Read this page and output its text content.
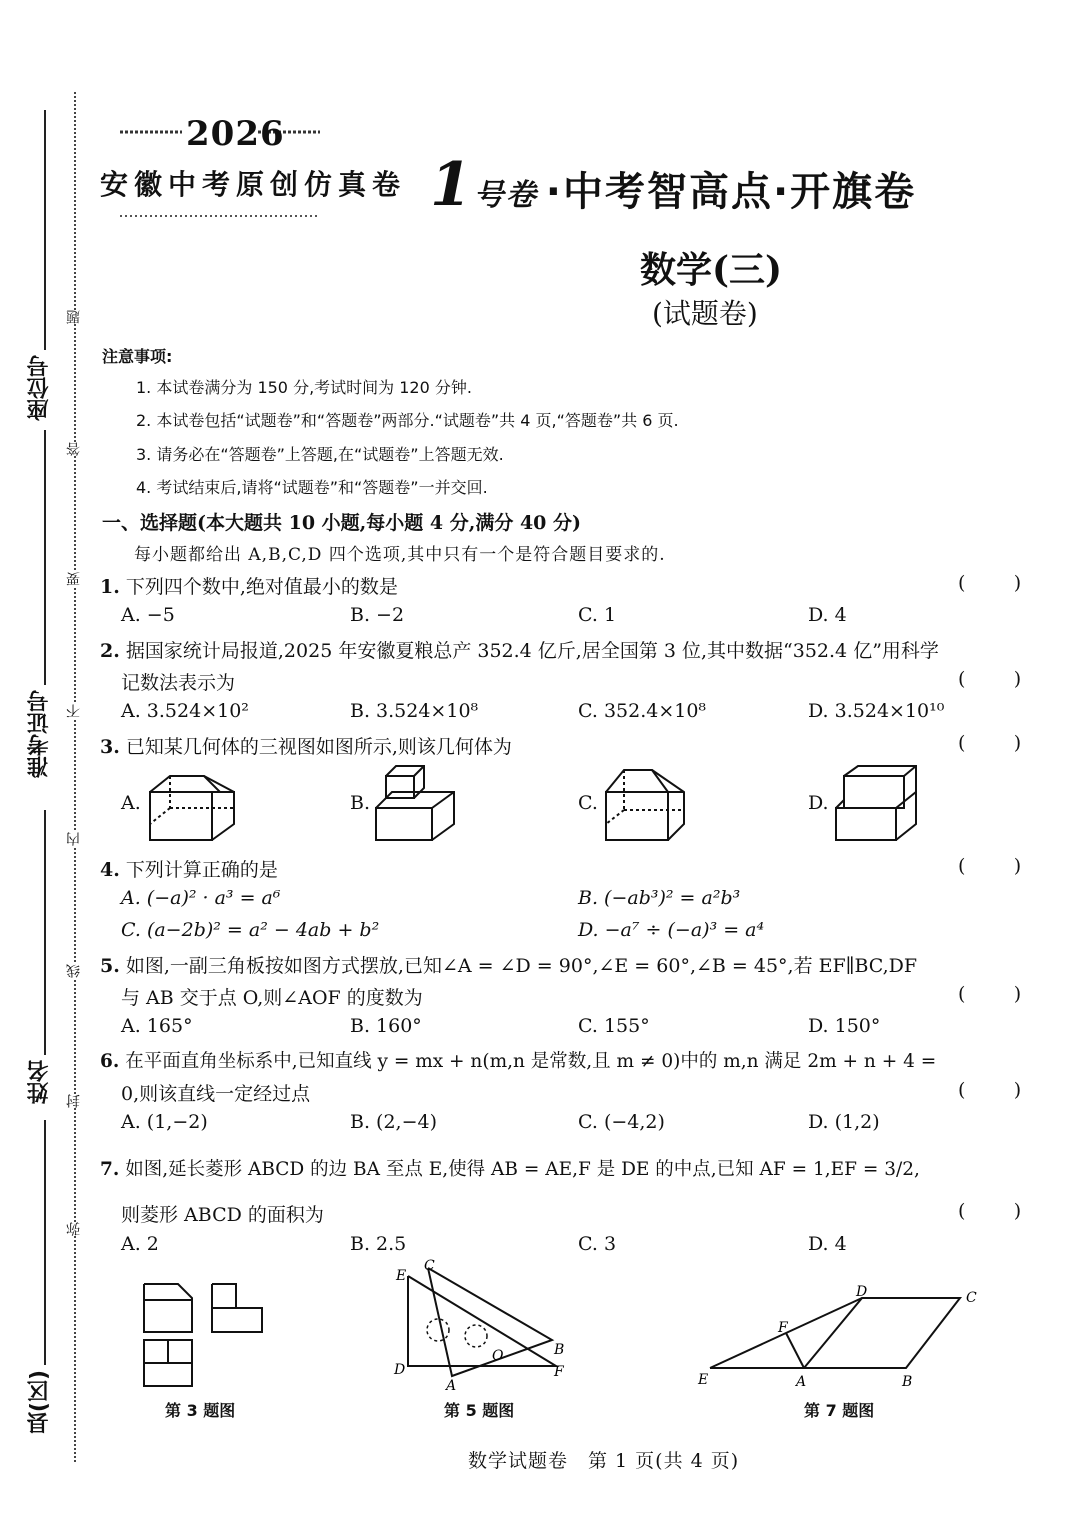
座位号
准考证号
姓名
县(区)
题
答
要
不
内
线
封
弥
2026
安徽中考原创仿真卷 1号卷 ·中考智高点·开旗卷
数学(三)
(试题卷)
注意事项:
1. 本试卷满分为 150 分,考试时间为 120 分钟.
2. 本试卷包括“试题卷”和“答题卷”两部分.“试题卷”共 4 页,“答题卷”共 6 页.
3. 请务必在“答题卷”上答题,在“试题卷”上答题无效.
4. 考试结束后,请将“试题卷”和“答题卷”一并交回.
一、选择题(本大题共 10 小题,每小题 4 分,满分 40 分)
每小题都给出 A,B,C,D 四个选项,其中只有一个是符合题目要求的.
1. 下列四个数中,绝对值最小的数是	(        )
A. −5	B. −2	C. 1	D. 4
2. 据国家统计局报道,2025 年安徽夏粮总产 352.4 亿斤,居全国第 3 位,其中数据“352.4 亿”用科学
记数法表示为	(        )
A. 3.524×10²	B. 3.524×10⁸	C. 352.4×10⁸	D. 3.524×10¹⁰
3. 已知某几何体的三视图如图所示,则该几何体为	(        )
A.	B.	C.	D.
4. 下列计算正确的是	(        )
A. (−a)² · a³ = a⁶	B. (−ab³)² = a²b³
C. (a−2b)² = a² − 4ab + b²	D. −a⁷ ÷ (−a)³ = a⁴
5. 如图,一副三角板按如图方式摆放,已知∠A = ∠D = 90°,∠E = 60°,∠B = 45°,若 EF∥BC,DF
与 AB 交于点 O,则∠AOF 的度数为	(        )
A. 165°	B. 160°	C. 155°	D. 150°
6. 在平面直角坐标系中,已知直线 y = mx + n(m,n 是常数,且 m ≠ 0)中的 m,n 满足 2m + n + 4 =
0,则该直线一定经过点	(        )
A. (1,−2)	B. (2,−4)	C. (−4,2)	D. (1,2)
7. 如图,延长菱形 ABCD 的边 BA 至点 E,使得 AB = AE,F 是 DE 的中点,已知 AF = 1,EF = 3/2,
则菱形 ABCD 的面积为	(        )
A. 2	B. 2.5	C. 3	D. 4
第 3 题图
E
C
D
A
O	B
F
第 5 题图
D	C
F
E	A	B
第 7 题图
数学试题卷　第 1 页(共 4 页)
